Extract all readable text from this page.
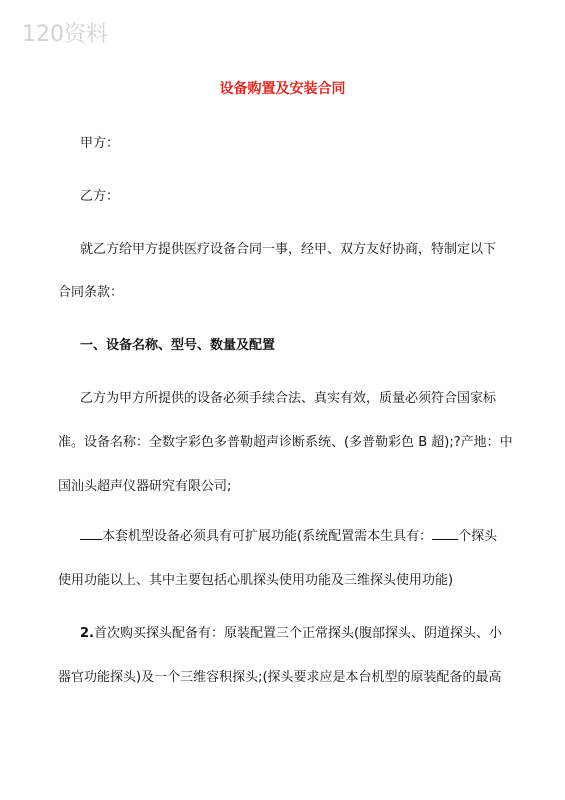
120资料
设备购置及安装合同
甲方：
乙方：
就乙方给甲方提供医疗设备合同一事，经甲、双方友好协商，特制定以下
合同条款：
一、设备名称、型号、数量及配置
乙方为甲方所提供的设备必须手续合法、真实有效，质量必须符合国家标
准。设备名称：全数字彩色多普勒超声诊断系统、(多普勒彩色 B 超);?产地：中
国汕头超声仪器研究有限公司;
本套机型设备必须具有可扩展功能(系统配置需本生具有： 个探头
使用功能以上、其中主要包括心肌探头使用功能及三维探头使用功能)
2.首次购买探头配备有：原装配置三个正常探头(腹部探头、阴道探头、小
器官功能探头)及一个三维容积探头;(探头要求应是本台机型的原装配备的最高
